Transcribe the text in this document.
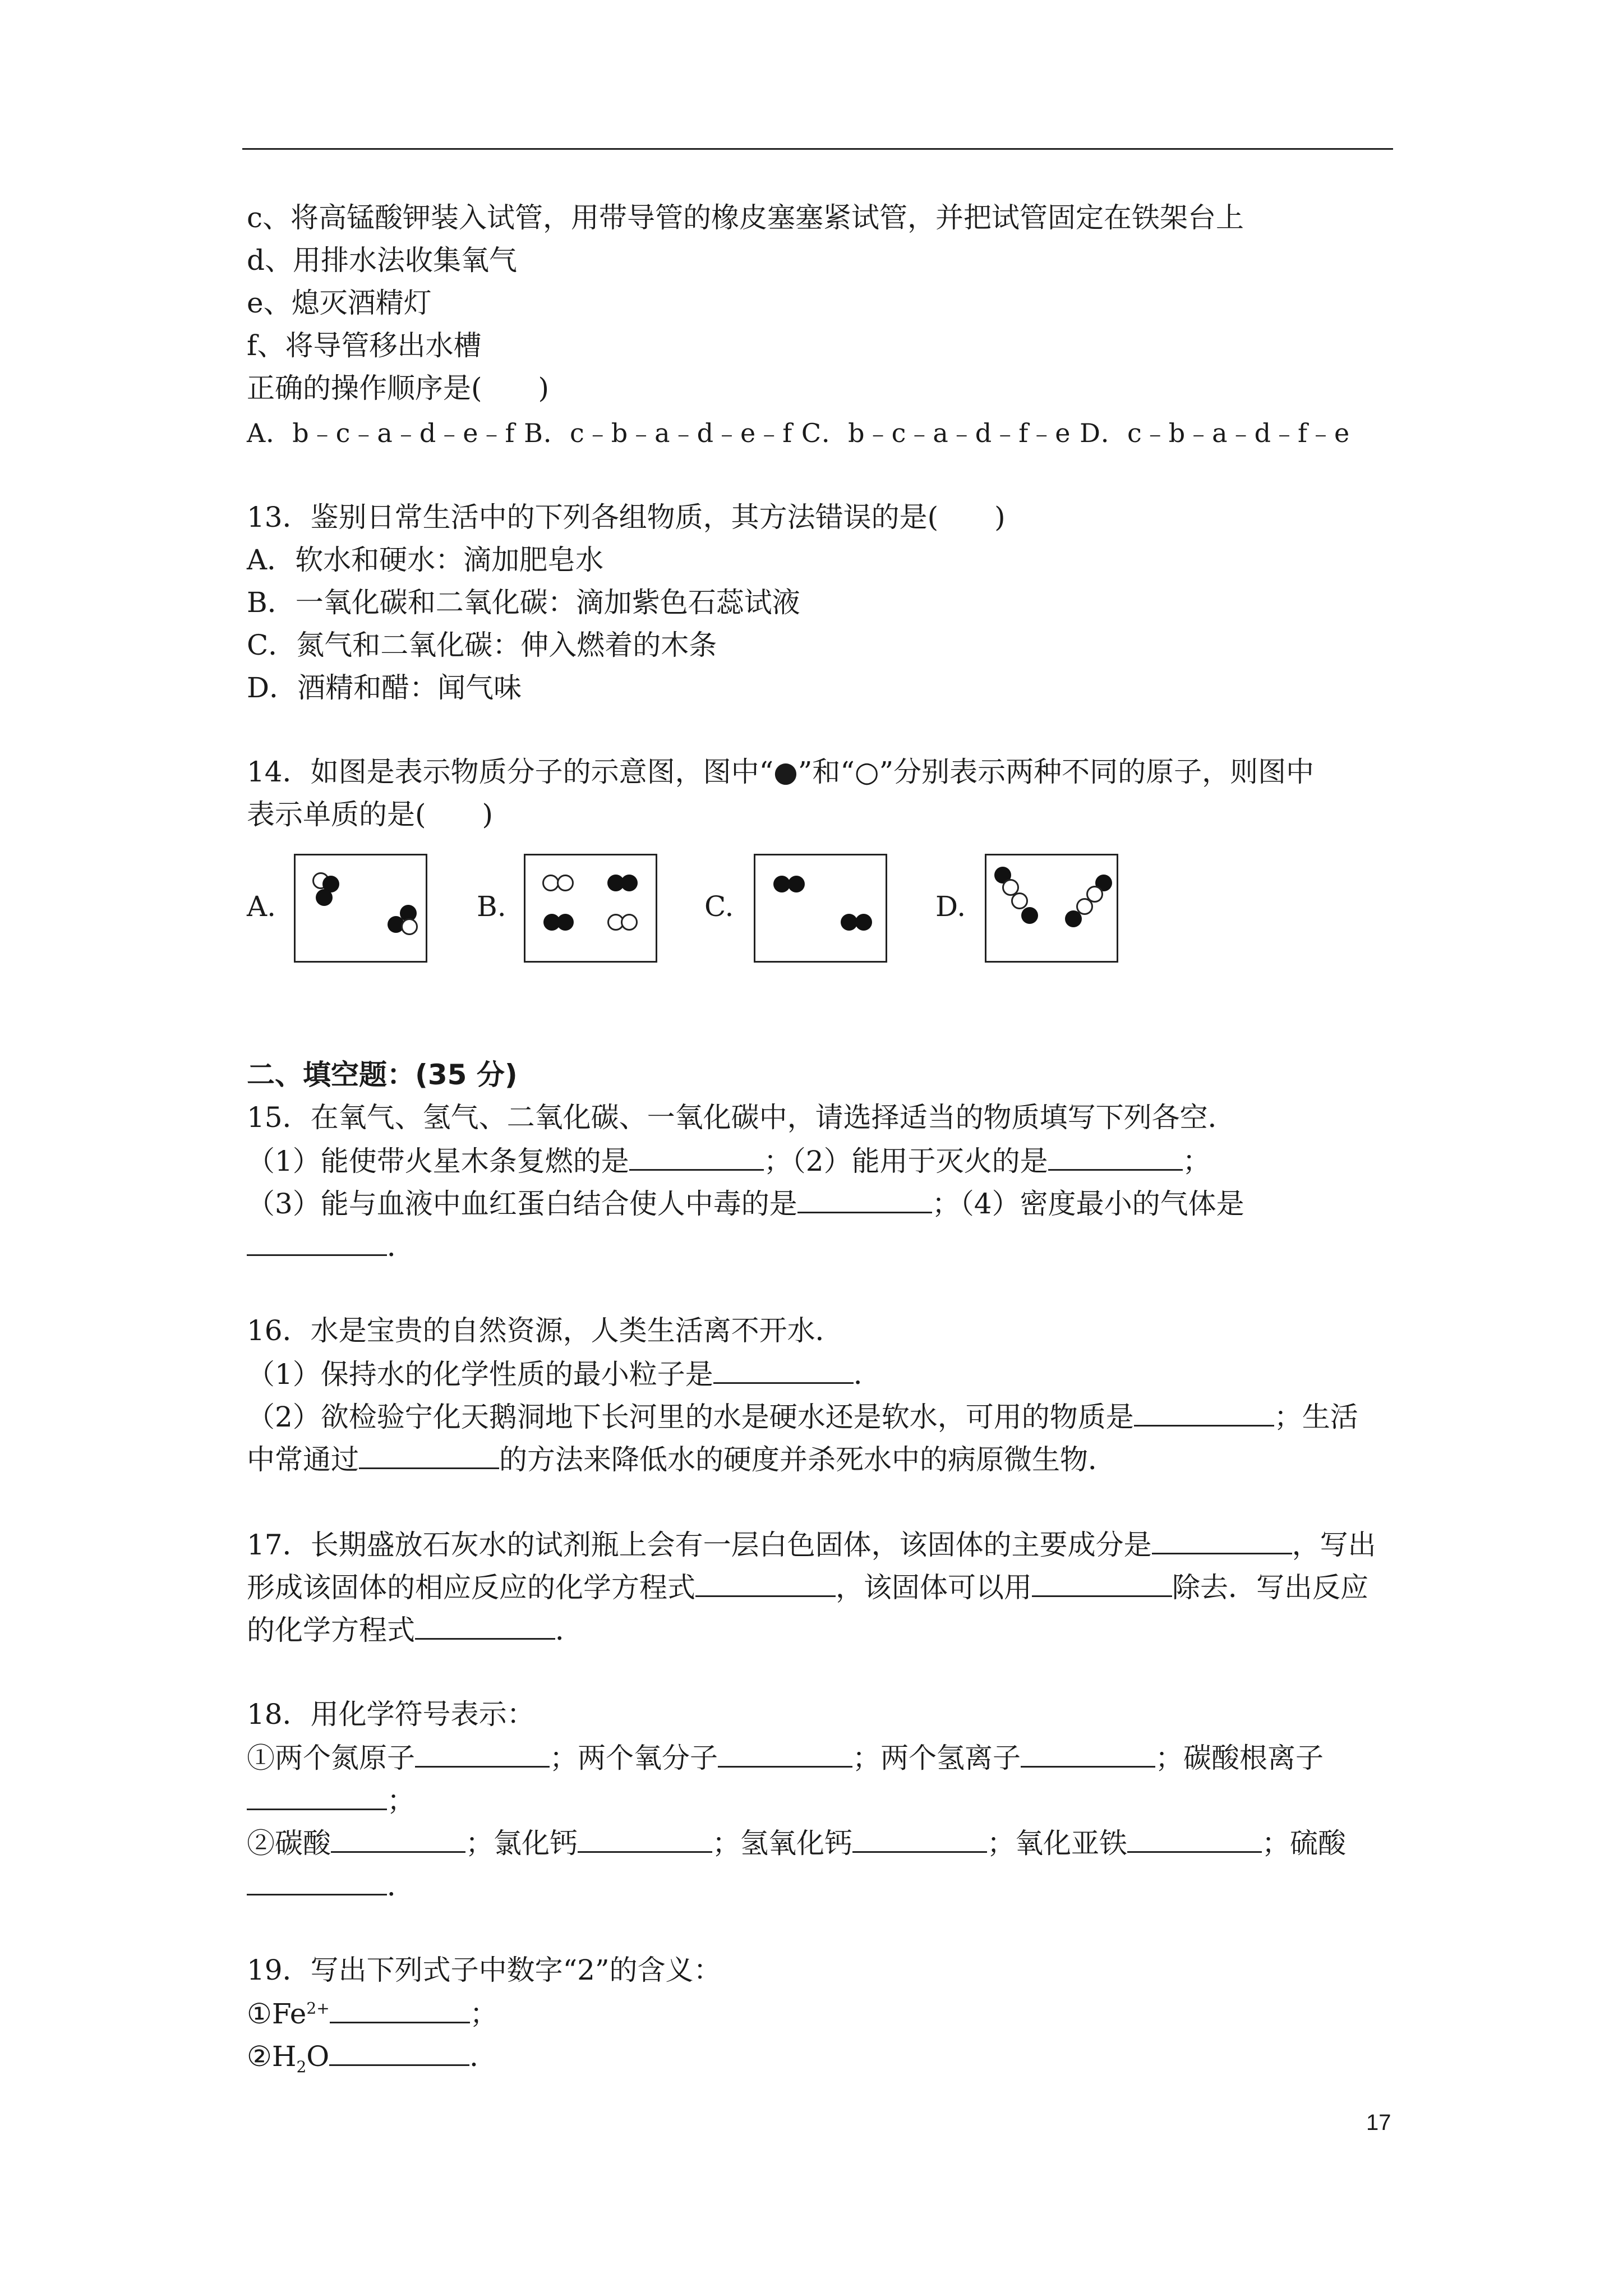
c、将高锰酸钾装入试管，用带导管的橡皮塞塞紧试管，并把试管固定在铁架台上
d、用排水法收集氧气
e、熄灭酒精灯
f、将导管移出水槽
正确的操作顺序是(　　)
A．b﹣c﹣a﹣d﹣e﹣f B．c﹣b﹣a﹣d﹣e﹣f C．b﹣c﹣a﹣d﹣f﹣e D．c﹣b﹣a﹣d﹣f﹣e
13．鉴别日常生活中的下列各组物质，其方法错误的是(　　)
A．软水和硬水：滴加肥皂水
B．一氧化碳和二氧化碳：滴加紫色石蕊试液
C．氮气和二氧化碳：伸入燃着的木条
D．酒精和醋：闻气味
14．如图是表示物质分子的示意图，图中“●”和“○”分别表示两种不同的原子，则图中
表示单质的是(　　)
A.	B.	C.	D.
二、填空题：(35 分)
15．在氧气、氢气、二氧化碳、一氧化碳中，请选择适当的物质填写下列各空．
（1）能使带火星木条复燃的是	；（2）能用于灭火的是	；
（3）能与血液中血红蛋白结合使人中毒的是	；（4）密度最小的气体是
．
16．水是宝贵的自然资源，人类生活离不开水．
（1）保持水的化学性质的最小粒子是	．
（2）欲检验宁化天鹅洞地下长河里的水是硬水还是软水，可用的物质是	；生活
中常通过	的方法来降低水的硬度并杀死水中的病原微生物．
17．长期盛放石灰水的试剂瓶上会有一层白色固体，该固体的主要成分是	，写出
形成该固体的相应反应的化学方程式	，该固体可以用	除去．写出反应
的化学方程式	．
18．用化学符号表示：
①两个氮原子	；两个氧分子	；两个氢离子	；碳酸根离子
；
②碳酸	；氯化钙	；氢氧化钙	；氧化亚铁	；硫酸
．
19．写出下列式子中数字“2”的含义：
$①Fe^{2+}$	；
$②H_2O$	．
17
